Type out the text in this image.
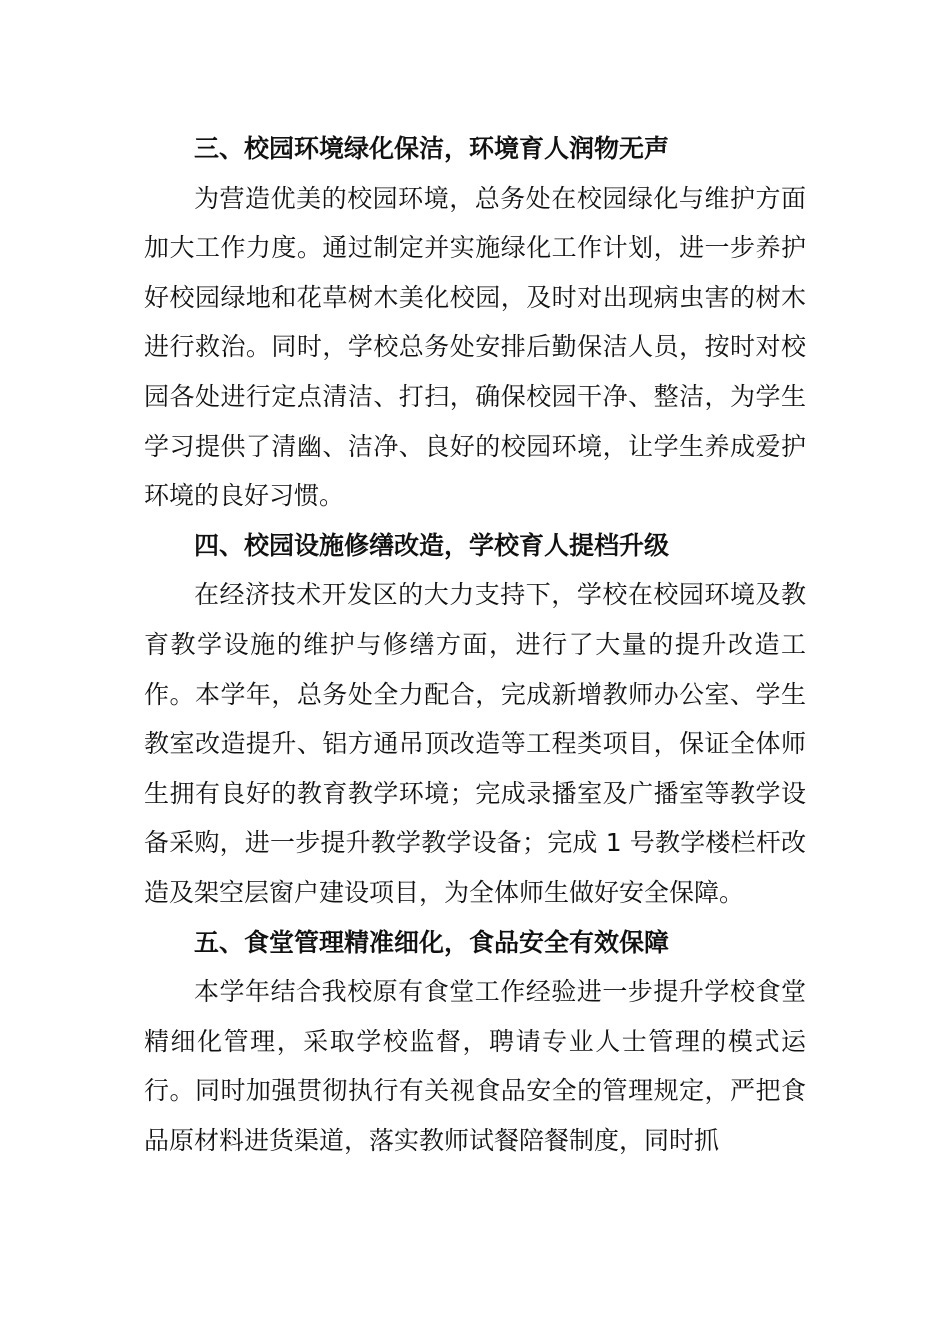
三、校园环境绿化保洁，环境育人润物无声

为营造优美的校园环境，总务处在校园绿化与维护方面加大工作力度。通过制定并实施绿化工作计划，进一步养护好校园绿地和花草树木美化校园，及时对出现病虫害的树木进行救治。同时，学校总务处安排后勤保洁人员，按时对校园各处进行定点清洁、打扫，确保校园干净、整洁，为学生学习提供了清幽、洁净、良好的校园环境，让学生养成爱护环境的良好习惯。

四、校园设施修缮改造，学校育人提档升级

在经济技术开发区的大力支持下，学校在校园环境及教育教学设施的维护与修缮方面，进行了大量的提升改造工作。本学年，总务处全力配合，完成新增教师办公室、学生教室改造提升、铝方通吊顶改造等工程类项目，保证全体师生拥有良好的教育教学环境；完成录播室及广播室等教学设备采购，进一步提升教学教学设备；完成 1 号教学楼栏杆改造及架空层窗户建设项目，为全体师生做好安全保障。

五、食堂管理精准细化，食品安全有效保障

本学年结合我校原有食堂工作经验进一步提升学校食堂精细化管理，采取学校监督，聘请专业人士管理的模式运行。同时加强贯彻执行有关视食品安全的管理规定，严把食品原材料进货渠道，落实教师试餐陪餐制度，同时抓
